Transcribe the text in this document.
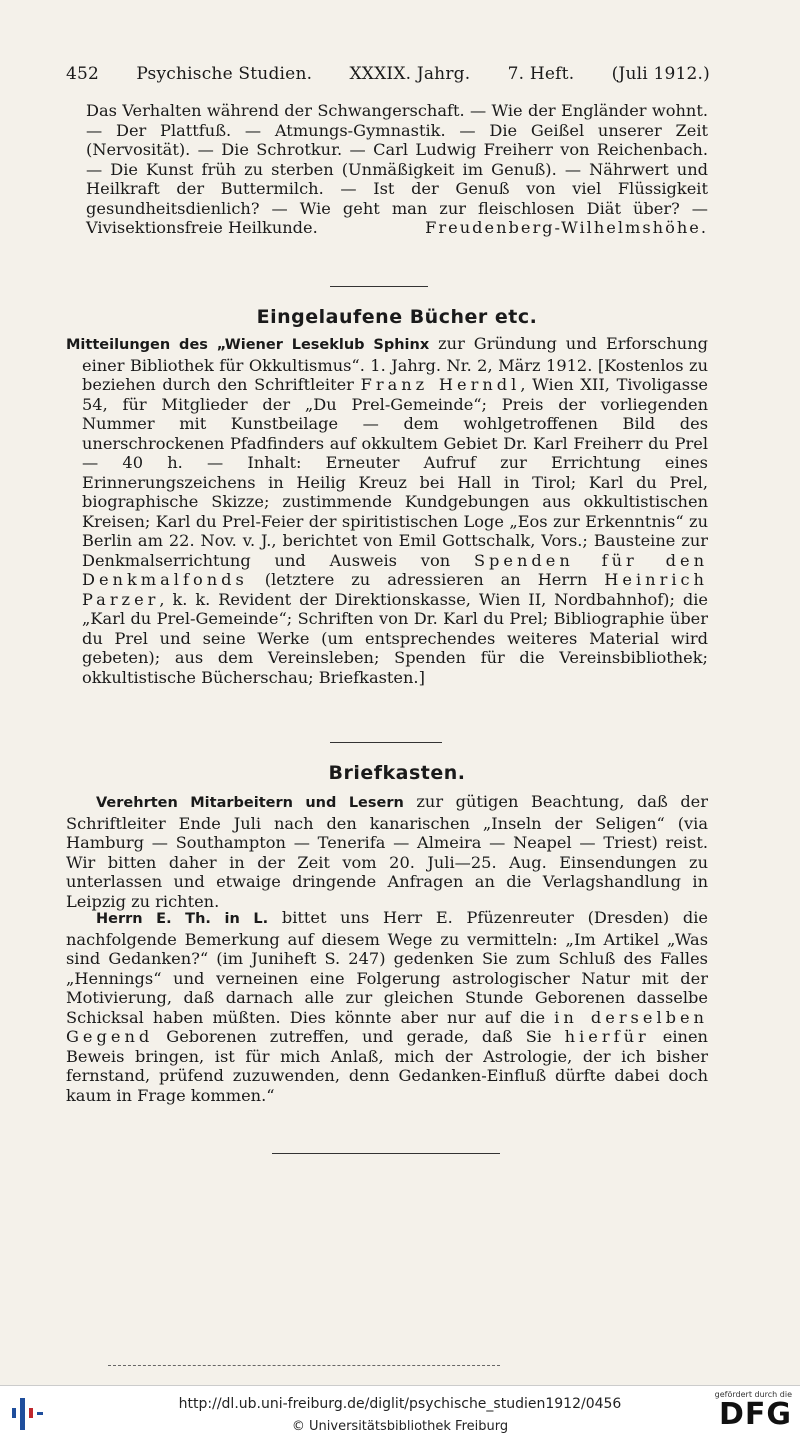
452 Psychische Studien. XXXIX. Jahrg. 7. Heft. (Juli 1912.)

Das Verhalten während der Schwangerschaft. — Wie der Engländer wohnt. — Der Plattfuß. — Atmungs-Gymnastik. — Die Geißel unserer Zeit (Nervosität). — Die Schrotkur. — Carl Ludwig Freiherr von Reichenbach. — Die Kunst früh zu sterben (Unmäßigkeit im Genuß). — Nährwert und Heilkraft der Buttermilch. — Ist der Genuß von viel Flüssigkeit gesundheitsdienlich? — Wie geht man zur fleischlosen Diät über? — Vivisektionsfreie Heilkunde.	Freudenberg-Wilhelmshöhe.

Eingelaufene Bücher etc.

Mitteilungen des „Wiener Leseklub Sphinx zur Gründung und Erforschung einer Bibliothek für Okkultismus“. 1. Jahrg. Nr. 2, März 1912. [Kostenlos zu beziehen durch den Schriftleiter Franz Herndl, Wien XII, Tivoligasse 54, für Mitglieder der „Du Prel-Gemeinde“; Preis der vorliegenden Nummer mit Kunstbeilage — dem wohlgetroffenen Bild des unerschrockenen Pfadfinders auf okkultem Gebiet Dr. Karl Freiherr du Prel — 40 h. — Inhalt: Erneuter Aufruf zur Errichtung eines Erinnerungszeichens in Heilig Kreuz bei Hall in Tirol; Karl du Prel, biographische Skizze; zustimmende Kundgebungen aus okkultistischen Kreisen; Karl du Prel-Feier der spiritistischen Loge „Eos zur Erkenntnis“ zu Berlin am 22. Nov. v. J., berichtet von Emil Gottschalk, Vors.; Bausteine zur Denkmalserrichtung und Ausweis von Spenden für den Denkmalfonds (letztere zu adressieren an Herrn Heinrich Parzer, k. k. Revident der Direktionskasse, Wien II, Nordbahnhof); die „Karl du Prel-Gemeinde“; Schriften von Dr. Karl du Prel; Bibliographie über du Prel und seine Werke (um entsprechendes weiteres Material wird gebeten); aus dem Vereinsleben; Spenden für die Vereinsbibliothek; okkultistische Bücherschau; Briefkasten.]

Briefkasten.

Verehrten Mitarbeitern und Lesern zur gütigen Beachtung, daß der Schriftleiter Ende Juli nach den kanarischen „Inseln der Seligen“ (via Hamburg — Southampton — Tenerifa — Almeira — Neapel — Triest) reist. Wir bitten daher in der Zeit vom 20. Juli—25. Aug. Einsendungen zu unterlassen und etwaige dringende Anfragen an die Verlagshandlung in Leipzig zu richten.

Herrn E. Th. in L. bittet uns Herr E. Pfüzenreuter (Dresden) die nachfolgende Bemerkung auf diesem Wege zu vermitteln: „Im Artikel „Was sind Gedanken?“ (im Juniheft S. 247) gedenken Sie zum Schluß des Falles „Hennings“ und verneinen eine Folgerung astrologischer Natur mit der Motivierung, daß darnach alle zur gleichen Stunde Geborenen dasselbe Schicksal haben müßten. Dies könnte aber nur auf die in derselben Gegend Geborenen zutreffen, und gerade, daß Sie hierfür einen Beweis bringen, ist für mich Anlaß, mich der Astrologie, der ich bisher fernstand, prüfend zuzuwenden, denn Gedanken-Einfluß dürfte dabei doch kaum in Frage kommen.“

http://dl.ub.uni-freiburg.de/diglit/psychische_studien1912/0456
© Universitätsbibliothek Freiburg
gefördert durch die
DFG
